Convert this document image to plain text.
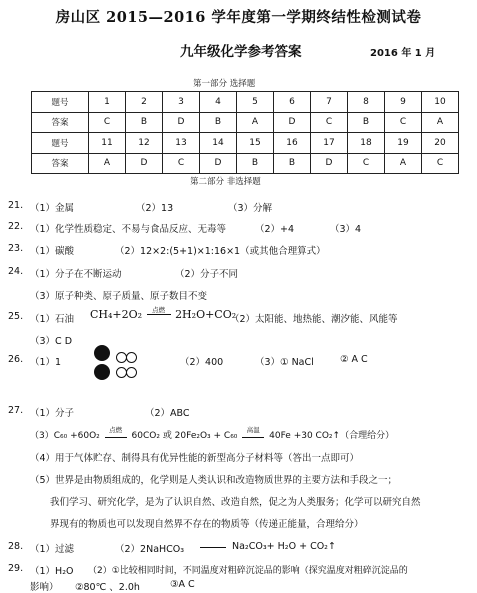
房山区 2015—2016 学年度第一学期终结性检测试卷
九年级化学参考答案	2016 年 1 月
第一部分 选择题
题号	1	2	3	4	5	6	7	8	9	10
答案	C	B	D	B	A	D	C	B	C	A
题号	11	12	13	14	15	16	17	18	19	20
答案	A	D	C	D	B	B	D	C	A	C
第二部分 非选择题
21. （1）金属	（2）13	（3）分解
22. （1）化学性质稳定、不易与食品反应、无毒等	（2）+4	（3）4
23. （1）碳酸	（2）12×2:(5+1)×1:16×1（或其他合理算式）
24. （1）分子在不断运动	（2）分子不同
（3）原子种类、原子质量、原子数目不变
25. （1）石油 CH₄+2O₂ $^{点燃}$ 2H₂O+CO₂
（2）太阳能、地热能、潮汐能、风能等
（3）C D
26. （1）1	（2）400	（3）① NaCl	② A C
27. （1）分子	（2）ABC
（3）C₆₀ +60O₂ $^{点燃}$ 60CO₂ 或 20Fe₂O₃ + C₆₀ $^{高温}$ 40Fe +30 CO₂↑（合理给分）
（4）用于气体贮存、制得具有优异性能的新型高分子材料等（答出一点即可）
（5）世界是由物质组成的，化学则是人类认识和改造物质世界的主要方法和手段之一；
我们学习、研究化学，是为了认识自然、改造自然，促之为人类服务；化学可以研究自然
界现有的物质也可以发现自然界不存在的物质等（传递正能量，合理给分）
28. （1）过滤	（2）2NaHCO₃	Na₂CO₃+ H₂O + CO₂↑
29. （1）H₂O （2）①比较相同时间，不同温度对粗碎沉淀品的影响（探究温度对粗碎沉淀品的
影响） ②80℃ 、2.0h	③A C
